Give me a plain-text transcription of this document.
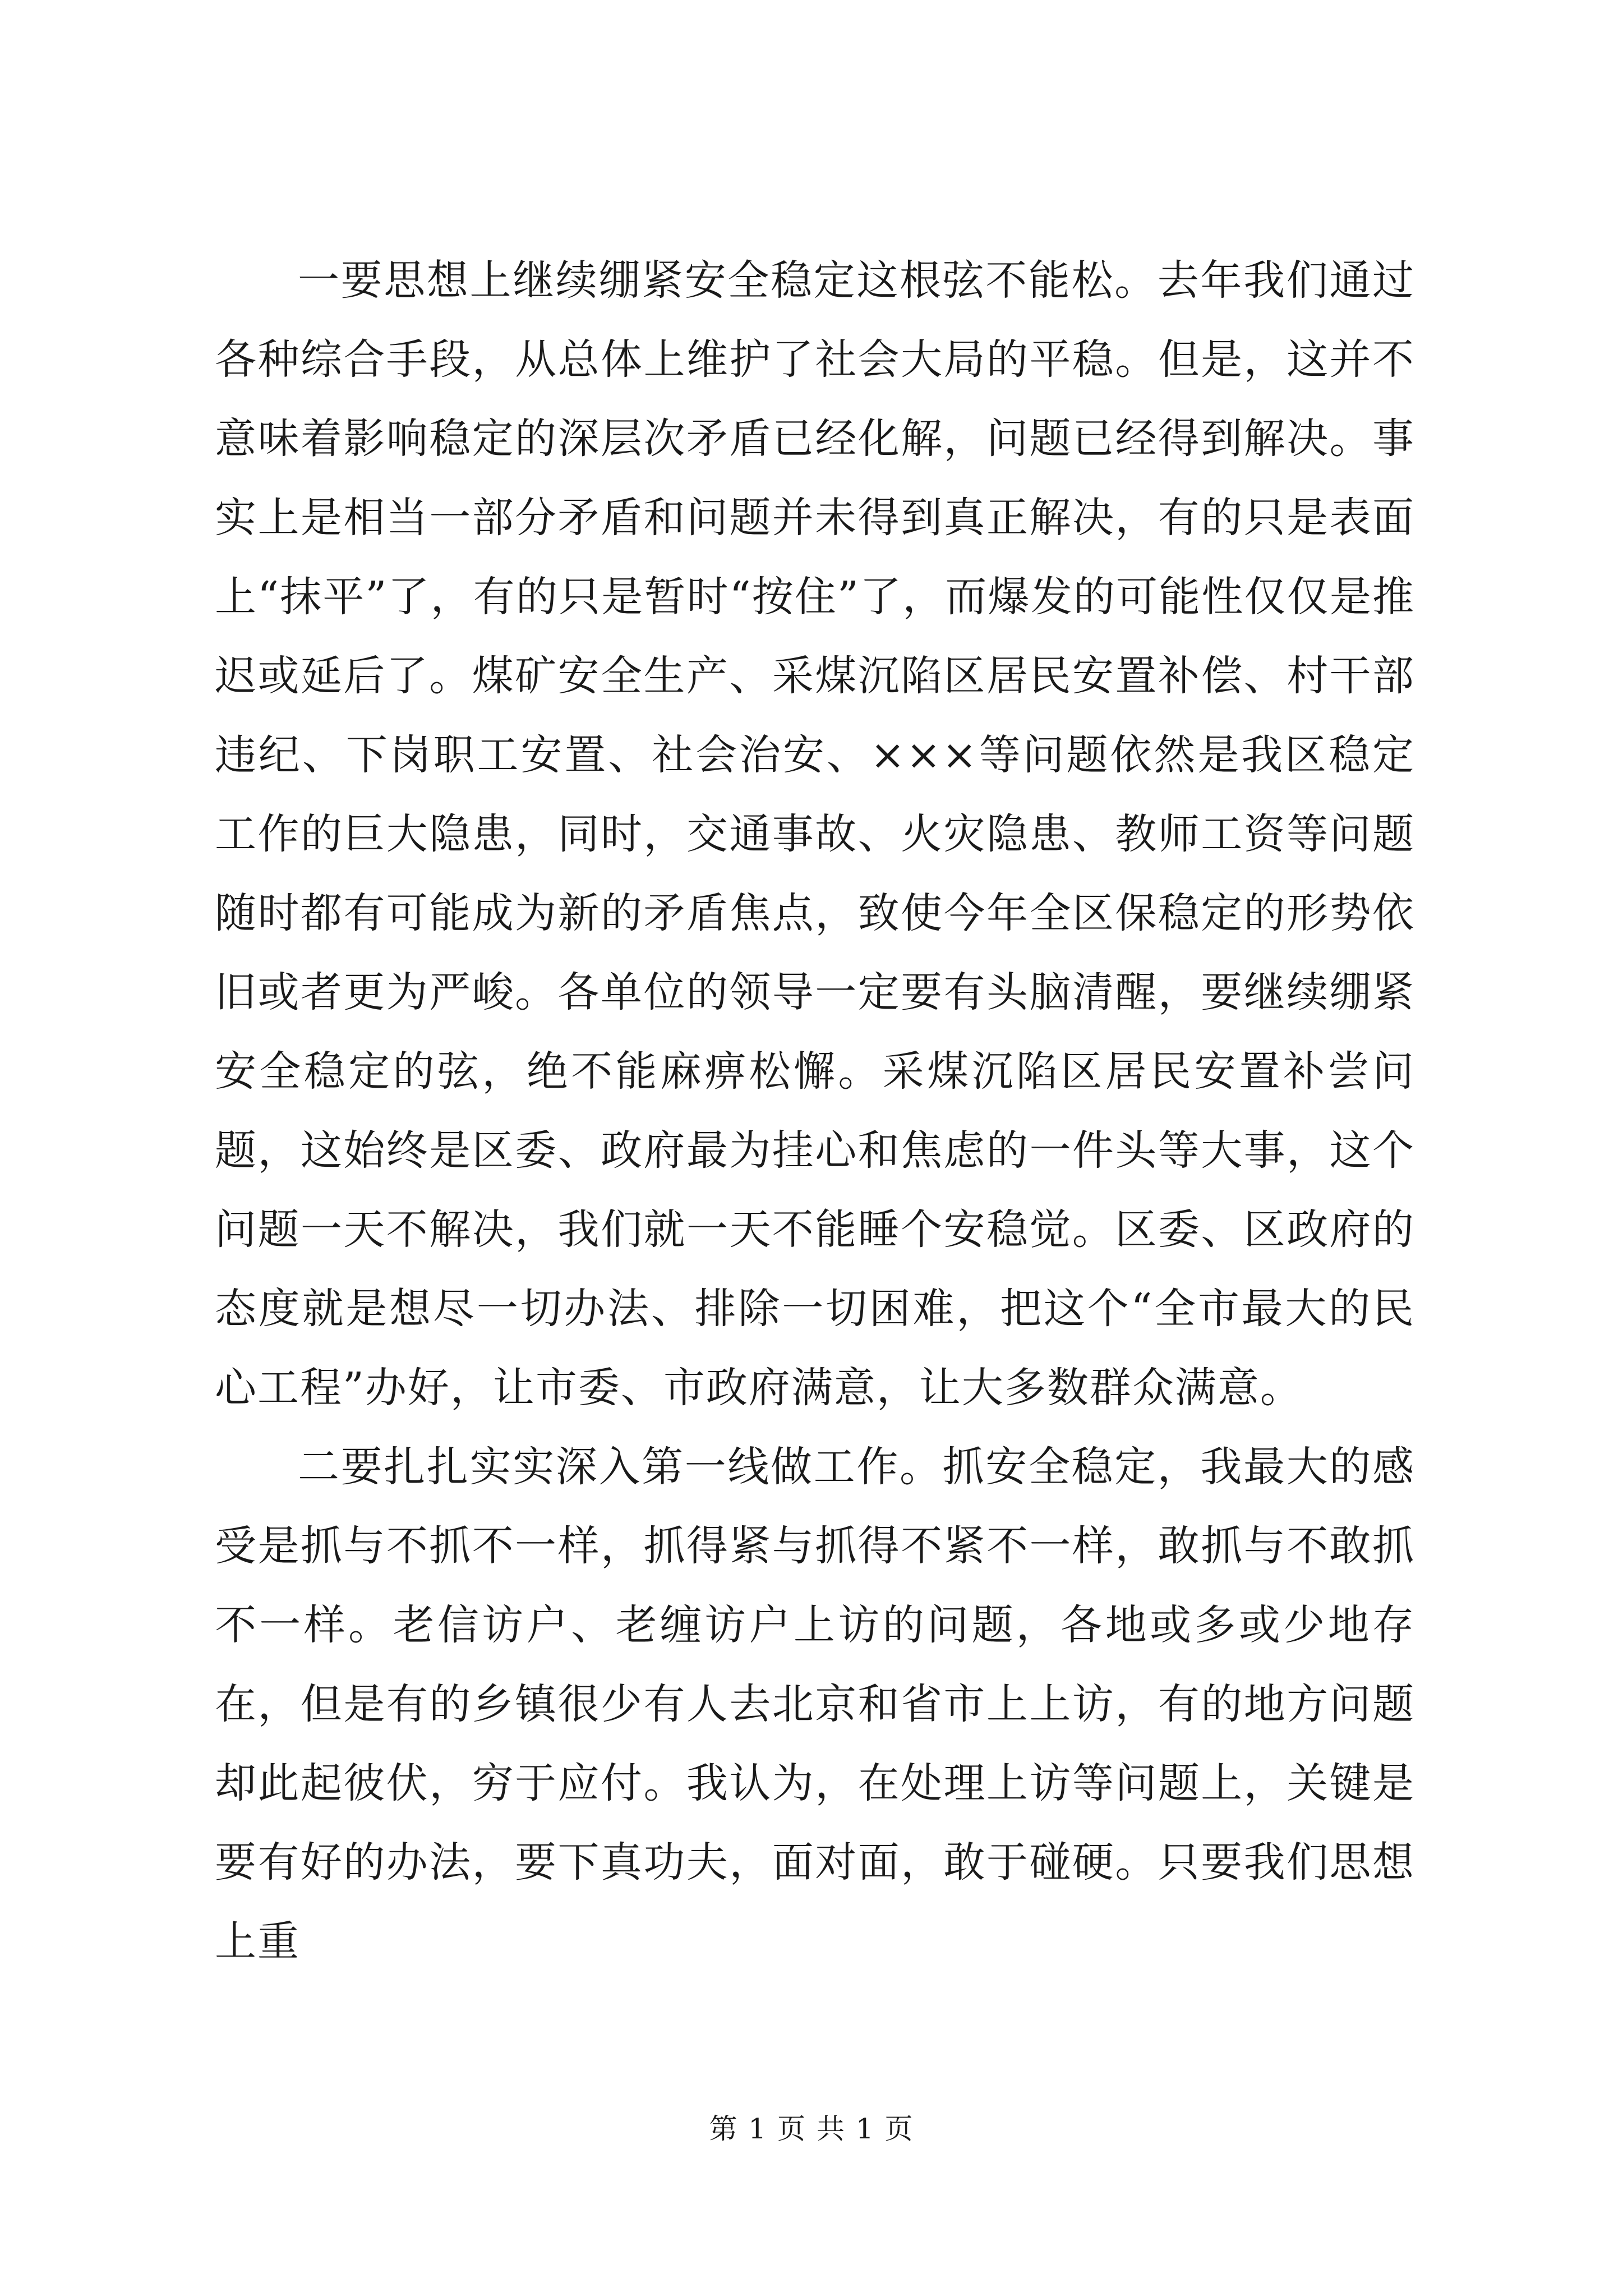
一要思想上继续绷紧安全稳定这根弦不能松。去年我们通过各种综合手段，从总体上维护了社会大局的平稳。但是，这并不意味着影响稳定的深层次矛盾已经化解，问题已经得到解决。事实上是相当一部分矛盾和问题并未得到真正解决，有的只是表面上“抹平”了，有的只是暂时“按住”了，而爆发的可能性仅仅是推迟或延后了。煤矿安全生产、采煤沉陷区居民安置补偿、村干部违纪、下岗职工安置、社会治安、×××等问题依然是我区稳定工作的巨大隐患，同时，交通事故、火灾隐患、教师工资等问题随时都有可能成为新的矛盾焦点，致使今年全区保稳定的形势依旧或者更为严峻。各单位的领导一定要有头脑清醒，要继续绷紧安全稳定的弦，绝不能麻痹松懈。采煤沉陷区居民安置补尝问题，这始终是区委、政府最为挂心和焦虑的一件头等大事，这个问题一天不解决，我们就一天不能睡个安稳觉。区委、区政府的态度就是想尽一切办法、排除一切困难，把这个“全市最大的民心工程”办好，让市委、市政府满意，让大多数群众满意。

二要扎扎实实深入第一线做工作。抓安全稳定，我最大的感受是抓与不抓不一样，抓得紧与抓得不紧不一样，敢抓与不敢抓不一样。老信访户、老缠访户上访的问题，各地或多或少地存在，但是有的乡镇很少有人去北京和省市上上访，有的地方问题却此起彼伏，穷于应付。我认为，在处理上访等问题上，关键是要有好的办法，要下真功夫，面对面，敢于碰硬。只要我们思想上重

第 1 页 共 1 页
